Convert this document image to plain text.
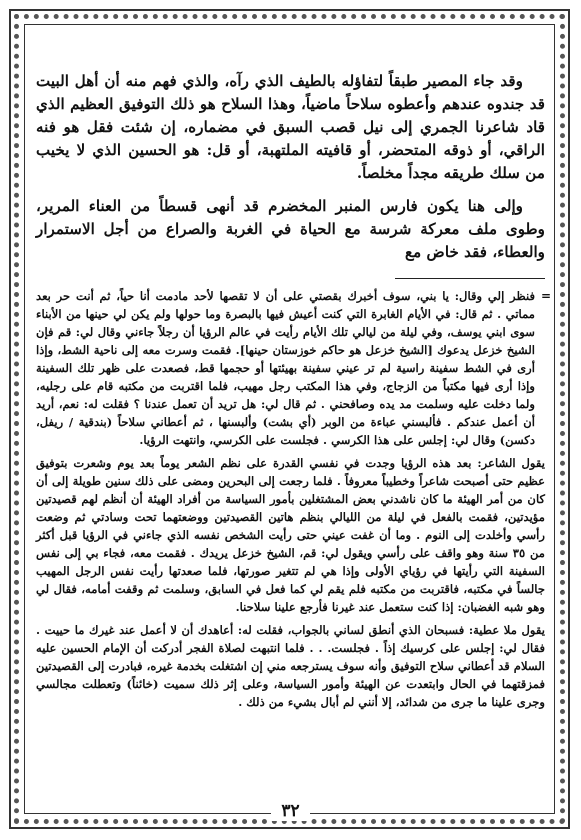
وقد جاء المصير طبقاً لتفاؤله بالطيف الذي رآه، والذي فهم منه أن أهل البيت قد جندوه عندهم وأعطوه سلاحاً ماضياً، وهذا السلاح هو ذلك التوفيق العظيم الذي قاد شاعرنا الجمري إلى نيل قصب السبق في مضماره، إن شئت فقل هو فنه الراقي، أو ذوقه المتحضر، أو قافيته الملتهبة، أو قل: هو الحسين الذي لا يخيب من سلك طريقه مجداً مخلصاً.

وإلى هنا يكون فارس المنبر المخضرم قد أنهى قسطاً من العناء المرير، وطوى ملف معركة شرسة مع الحياة في الغربة والصراع من أجل الاستمرار والعطاء، فقد خاض مع

=
فنظر إلي وقال: يا بني، سوف أخبرك بقصتي على أن لا تقصها لأحد مادمت أنا حياً، ثم أنت حر بعد مماتي . ثم قال: في الأيام الغابرة التي كنت أعيش فيها بالبصرة وما حولها ولم يكن لي حينها من الأبناء سوى ابني يوسف، وفي ليلة من ليالي تلك الأيام رأيت في عالم الرؤيا أن رجلاً جاءني وقال لي: قم فإن الشيخ خزعل يدعوك [الشيخ خزعل هو حاكم خوزستان حينها]. فقمت وسرت معه إلى ناحية الشط، وإذا أرى في الشط سفينة راسية لم تر عيني سفينة بهيئتها أو حجمها قط، فصعدت على ظهر تلك السفينة وإذا أرى فيها مكتباً من الزجاج، وفي هذا المكتب رجل مهيب، فلما اقتربت من مكتبه قام على رجليه، ولما دخلت عليه وسلمت مد يده وصافحني . ثم قال لي: هل تريد أن تعمل عندنا ؟ فقلت له: نعم، أريد أن أعمل عندكم . فألبسني عباءة من الوبر (أي بشت) وألبسنها ، ثم أعطاني سلاحاً (بندقية / ريفل، دكسن) وقال لي: إجلس على هذا الكرسي . فجلست على الكرسي، وانتهت الرؤيا.

يقول الشاعر: بعد هذه الرؤيا وجدت في نفسي القدرة على نظم الشعر يوماً بعد يوم وشعرت بتوفيق عظيم حتى أصبحت شاعراً وخطيباً معروفاً . فلما رجعت إلى البحرين ومضى على ذلك سنين طويلة إلى أن كان من أمر الهيئة ما كان ناشدني بعض المشتغلين بأمور السياسة من أفراد الهيئة أن أنظم لهم قصيدتين مؤيدتين، فقمت بالفعل في ليلة من الليالي بنظم هاتين القصيدتين ووضعتهما تحت وسادتي ثم وضعت رأسي وأخلدت إلى النوم . وما أن غفت عيني حتى رأيت الشخص نفسه الذي جاءني في الرؤيا قبل أكثر من ٣٥ سنة وهو واقف على رأسي ويقول لي: قم، الشيخ خزعل يريدك . فقمت معه، فجاء بي إلى نفس السفينة التي رأيتها في رؤياي الأولى وإذا هي لم تتغير صورتها، فلما صعدتها رأيت نفس الرجل المهيب جالساً في مكتبه، فاقتربت من مكتبه فلم يقم لي كما فعل في السابق، وسلمت ثم وقفت أمامه، فقال لي وهو شبه الغضبان: إذا كنت ستعمل عند غيرنا فأرجع علينا سلاحنا.

يقول ملا عطية: فسبحان الذي أنطق لساني بالجواب، فقلت له: أعاهدك أن لا أعمل عند غيرك ما حييت . فقال لي: إجلس على كرسيك إذاً . فجلست. . . فلما انتبهت لصلاة الفجر أدركت أن الإمام الحسين عليه السلام قد أعطاني سلاح التوفيق وأنه سوف يسترجعه مني إن اشتغلت بخدمة غيره، فبادرت إلى القصيدتين فمزقتهما في الحال وابتعدت عن الهيئة وأمور السياسة، وعلى إثر ذلك سميت (خائناً) وتعطلت مجالسي وجرى علينا ما جرى من شدائد، إلا أنني لم أبال بشيء من ذلك .

٣٢
